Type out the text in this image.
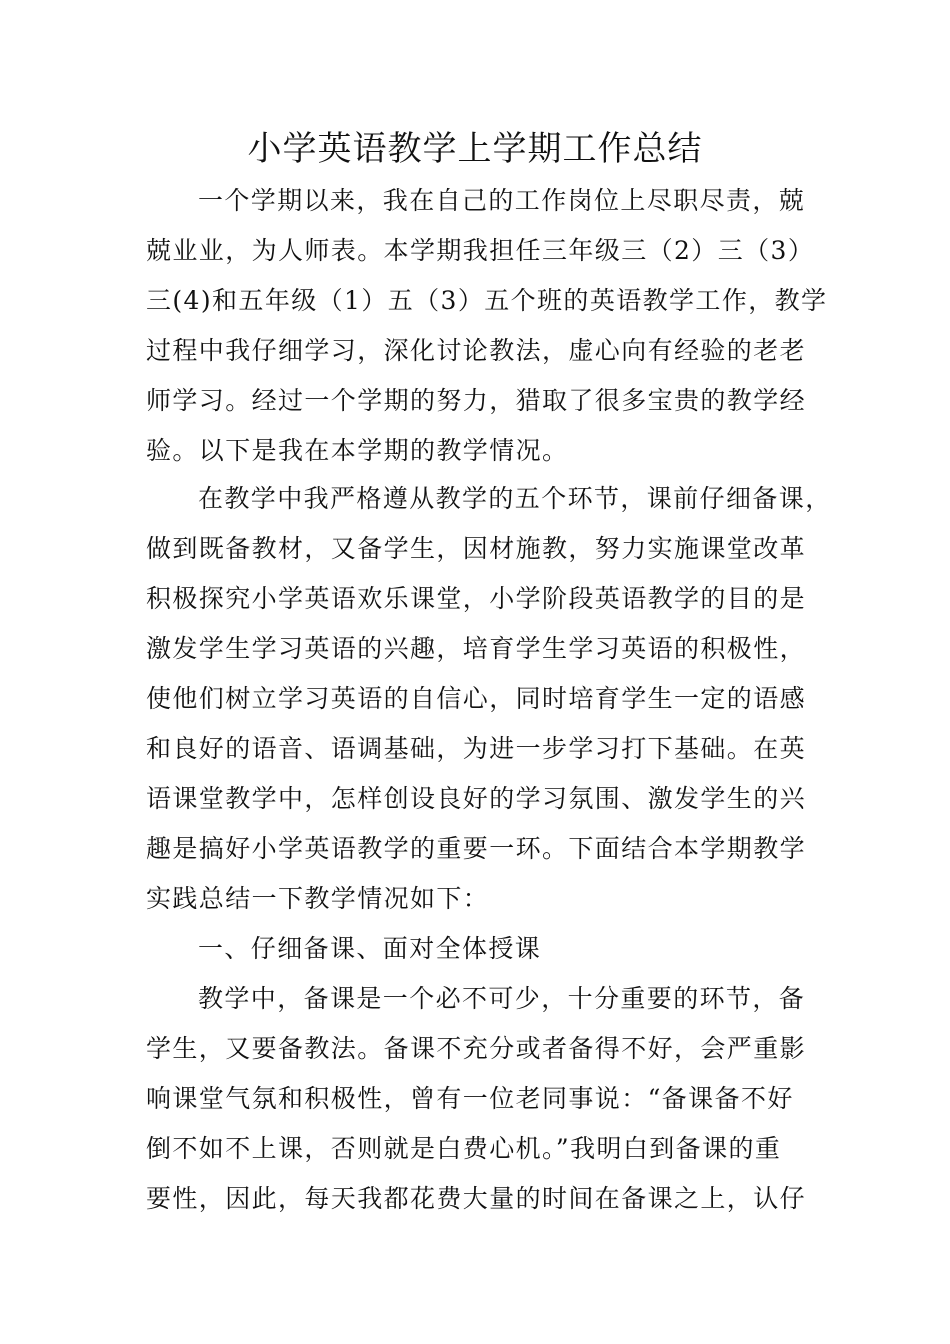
小学英语教学上学期工作总结
一个学期以来，我在自己的工作岗位上尽职尽责，兢
兢业业，为人师表。本学期我担任三年级三（2）三（3）
三(4)和五年级（1）五（3）五个班的英语教学工作，教学
过程中我仔细学习，深化讨论教法，虚心向有经验的老老
师学习。经过一个学期的努力，猎取了很多宝贵的教学经
验。以下是我在本学期的教学情况。
在教学中我严格遵从教学的五个环节，课前仔细备课，
做到既备教材，又备学生，因材施教，努力实施课堂改革
积极探究小学英语欢乐课堂，小学阶段英语教学的目的是
激发学生学习英语的兴趣，培育学生学习英语的积极性，
使他们树立学习英语的自信心，同时培育学生一定的语感
和良好的语音、语调基础，为进一步学习打下基础。在英
语课堂教学中，怎样创设良好的学习氛围、激发学生的兴
趣是搞好小学英语教学的重要一环。下面结合本学期教学
实践总结一下教学情况如下：
一、仔细备课、面对全体授课
教学中，备课是一个必不可少，十分重要的环节，备
学生，又要备教法。备课不充分或者备得不好，会严重影
响课堂气氛和积极性，曾有一位老同事说：“备课备不好
倒不如不上课，否则就是白费心机。”我明白到备课的重
要性，因此，每天我都花费大量的时间在备课之上，认仔
